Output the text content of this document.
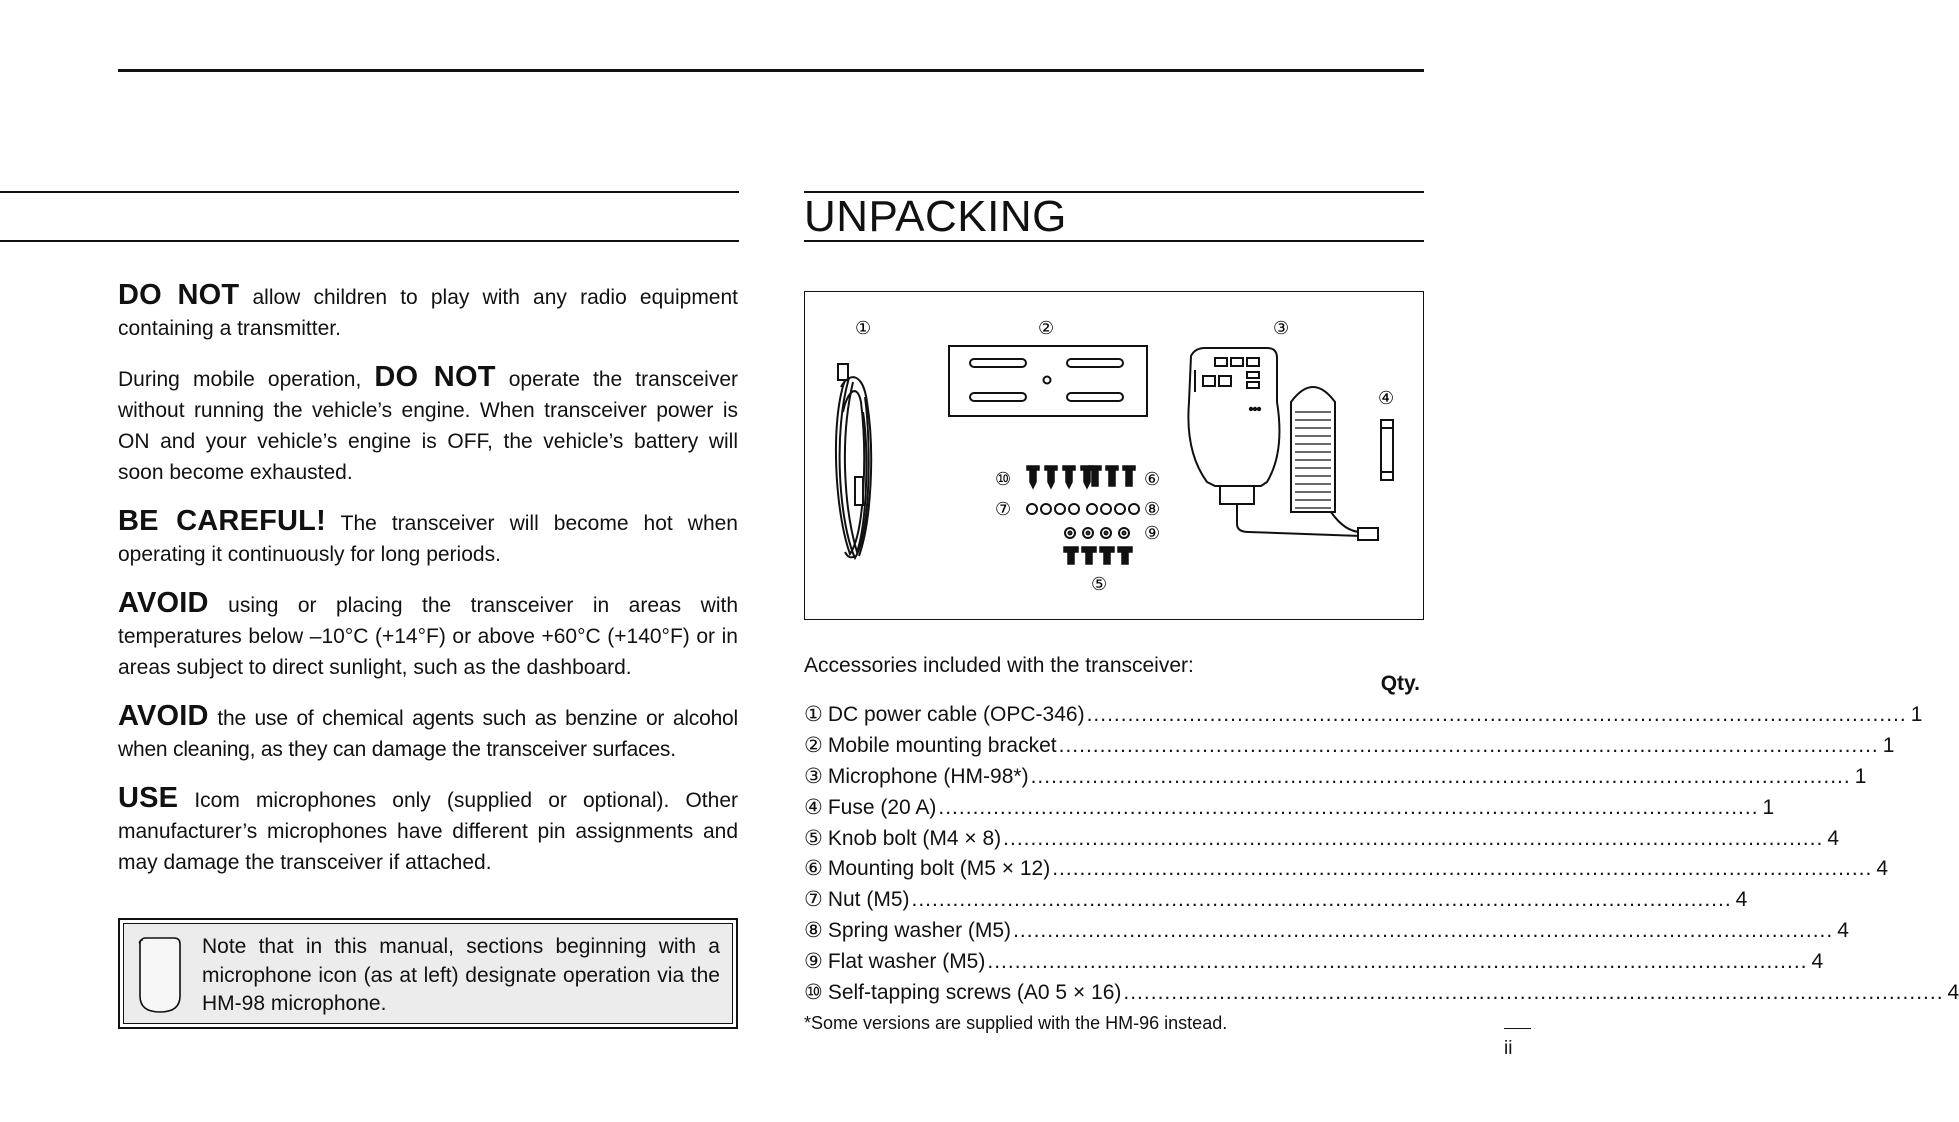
DO NOT allow children to play with any radio equipment containing a transmitter.

During mobile operation, DO NOT operate the transceiver without running the vehicle’s engine. When transceiver power is ON and your vehicle’s engine is OFF, the vehicle’s battery will soon become exhausted.

BE CAREFUL! The transceiver will become hot when operating it continuously for long periods.

AVOID using or placing the transceiver in areas with temperatures below –10°C (+14°F) or above +60°C (+140°F) or in areas subject to direct sunlight, such as the dashboard.

AVOID the use of chemical agents such as benzine or alcohol when cleaning, as they can damage the transceiver surfaces.

USE Icom microphones only (supplied or optional). Other manufacturer’s microphones have different pin assignments and may damage the transceiver if attached.

Note that in this manual, sections beginning with a microphone icon (as at left) designate operation via the HM-98 microphone.
UNPACKING
①	②	③
④
⑤
⑥
⑦	⑧
⑨
⑩
Accessories included with the transceiver:
Qty.
① DC power cable (OPC-346) ........................................................................................................................ 1
② Mobile mounting bracket ........................................................................................................................ 1
③ Microphone (HM-98*) ........................................................................................................................ 1
④ Fuse (20 A) ........................................................................................................................ 1
⑤ Knob bolt (M4 × 8) ........................................................................................................................ 4
⑥ Mounting bolt (M5 × 12) ........................................................................................................................ 4
⑦ Nut (M5) ........................................................................................................................ 4
⑧ Spring washer (M5) ........................................................................................................................ 4
⑨ Flat washer (M5) ........................................................................................................................ 4
⑩ Self-tapping screws (A0 5 × 16) ........................................................................................................................ 4
*Some versions are supplied with the HM-96 instead.
ii
